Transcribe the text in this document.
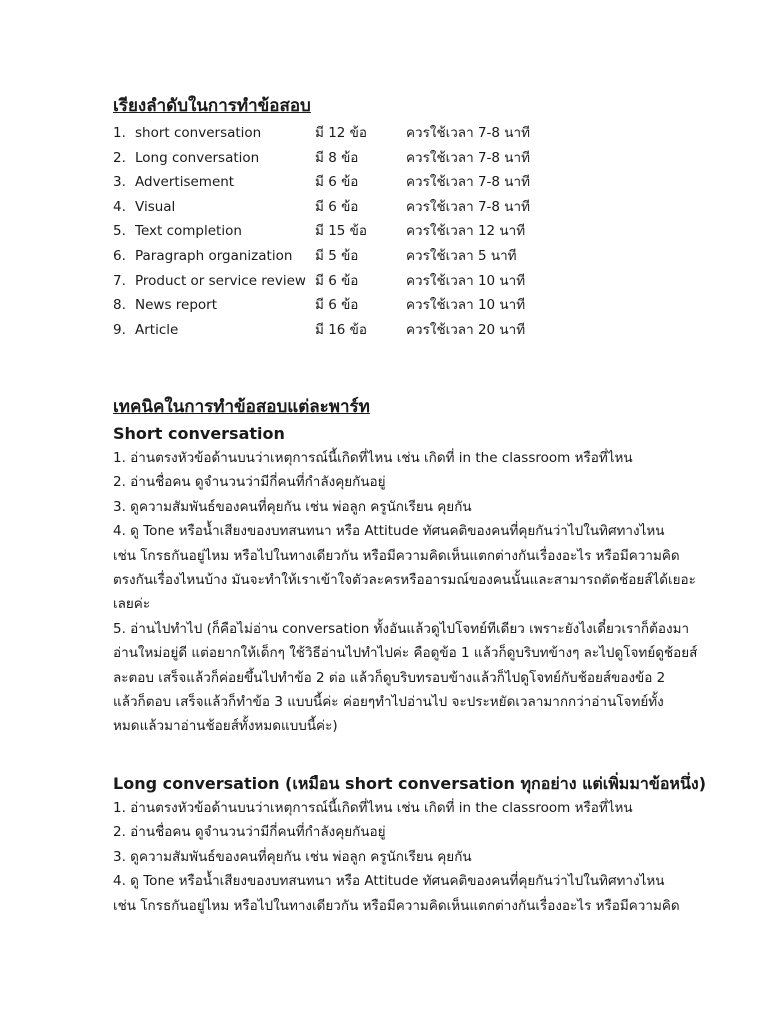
เรียงลำดับในการทำข้อสอบ
1. short conversation	มี 12 ข้อ	ควรใช้เวลา 7-8 นาที
2. Long conversation	มี 8 ข้อ	ควรใช้เวลา 7-8 นาที
3. Advertisement	มี 6 ข้อ	ควรใช้เวลา 7-8 นาที
4. Visual	มี 6 ข้อ	ควรใช้เวลา 7-8 นาที
5. Text completion	มี 15 ข้อ	ควรใช้เวลา 12 นาที
6. Paragraph organization มี 5 ข้อ	ควรใช้เวลา 5 นาที
7. Product or service review มี 6 ข้อ	ควรใช้เวลา 10 นาที
8. News report	มี 6 ข้อ	ควรใช้เวลา 10 นาที
9. Article	มี 16 ข้อ	ควรใช้เวลา 20 นาที
เทคนิคในการทำข้อสอบแต่ละพาร์ท
Short conversation

1. อ่านตรงหัวข้อด้านบนว่าเหตุการณ์นี้เกิดที่ไหน เช่น เกิดที่ in the classroom หรือที่ไหน

2. อ่านชื่อคน ดูจำนวนว่ามีกี่คนที่กำลังคุยกันอยู่

3. ดูความสัมพันธ์ของคนที่คุยกัน เช่น พ่อลูก ครูนักเรียน คุยกัน

4. ดู Tone หรือน้ำเสียงของบทสนทนา หรือ Attitude ทัศนคติของคนที่คุยกันว่าไปในทิศทางไหน

เช่น โกรธกันอยู่ไหม หรือไปในทางเดียวกัน หรือมีความคิดเห็นแตกต่างกันเรื่องอะไร หรือมีความคิด

ตรงกันเรื่องไหนบ้าง มันจะทำให้เราเข้าใจตัวละครหรืออารมณ์ของคนนั้นและสามารถตัดช้อยส์ได้เยอะ

เลยค่ะ

5. อ่านไปทำไป (ก็คือไม่อ่าน conversation ทั้งอันแล้วดูไปโจทย์ทีเดียว เพราะยังไงเดี๋ยวเราก็ต้องมา

อ่านใหม่อยู่ดี แต่อยากให้เด็กๆ ใช้วิธีอ่านไปทำไปค่ะ คือดูข้อ 1 แล้วก็ดูบริบทข้างๆ ละไปดูโจทย์ดูช้อยส์

ละตอบ เสร็จแล้วก็ค่อยขึ้นไปทำข้อ 2 ต่อ แล้วก็ดูบริบทรอบข้างแล้วก็ไปดูโจทย์กับช้อยส์ของข้อ 2

แล้วก็ตอบ เสร็จแล้วก็ทำข้อ 3 แบบนี้ค่ะ ค่อยๆทำไปอ่านไป จะประหยัดเวลามากกว่าอ่านโจทย์ทั้ง

หมดแล้วมาอ่านช้อยส์ทั้งหมดแบบนี้ค่ะ)

Long conversation (เหมือน short conversation ทุกอย่าง แต่เพิ่มมาข้อหนึ่ง)

1. อ่านตรงหัวข้อด้านบนว่าเหตุการณ์นี้เกิดที่ไหน เช่น เกิดที่ in the classroom หรือที่ไหน

2. อ่านชื่อคน ดูจำนวนว่ามีกี่คนที่กำลังคุยกันอยู่

3. ดูความสัมพันธ์ของคนที่คุยกัน เช่น พ่อลูก ครูนักเรียน คุยกัน

4. ดู Tone หรือน้ำเสียงของบทสนทนา หรือ Attitude ทัศนคติของคนที่คุยกันว่าไปในทิศทางไหน

เช่น โกรธกันอยู่ไหม หรือไปในทางเดียวกัน หรือมีความคิดเห็นแตกต่างกันเรื่องอะไร หรือมีความคิด
